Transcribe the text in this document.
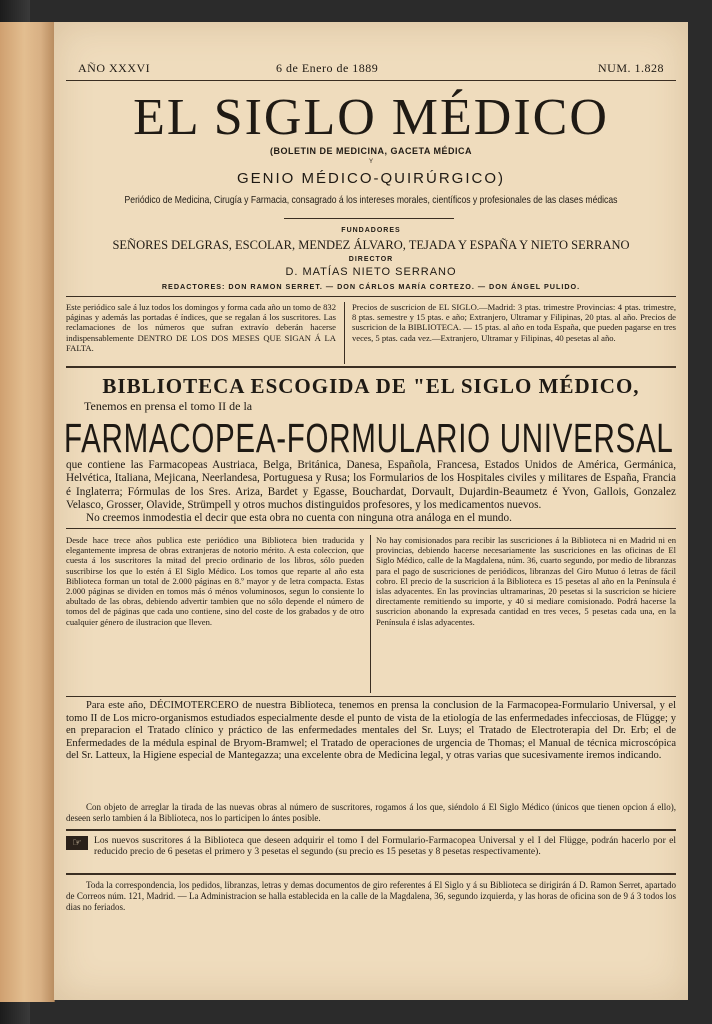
AÑO XXXVI	6 de Enero de 1889	NUM. 1.828
EL SIGLO MÉDICO
(BOLETIN DE MEDICINA, GACETA MÉDICA
Y
GENIO MÉDICO-QUIRÚRGICO)
Periódico de Medicina, Cirugía y Farmacia, consagrado á los intereses morales, científicos y profesionales de las clases médicas
FUNDADORES
SEÑORES DELGRAS, ESCOLAR, MENDEZ ÁLVARO, TEJADA Y ESPAÑA Y NIETO SERRANO
DIRECTOR
D. MATÍAS NIETO SERRANO
REDACTORES: DON RAMON SERRET. — DON CÁRLOS MARÍA CORTEZO. — DON ÁNGEL PULIDO.
Este periódico sale á luz todos los domingos y forma cada año un tomo de 832 páginas y además las portadas é índices, que se regalan á los suscritores. Las reclamaciones de los números que sufran extravío deberán hacerse indispensablemente DENTRO DE LOS DOS MESES QUE SIGAN Á LA FALTA.
Precios de suscricion de EL SIGLO.—Madrid: 3 ptas. trimestre Provincias: 4 ptas. trimestre, 8 ptas. semestre y 15 ptas. e año; Extranjero, Ultramar y Filipinas, 20 ptas. al año. Precios de suscricion de la BIBLIOTECA. — 15 ptas. al año en toda España, que pueden pagarse en tres veces, 5 ptas. cada vez.—Extranjero, Ultramar y Filipinas, 40 pesetas al año.
BIBLIOTECA ESCOGIDA DE "EL SIGLO MÉDICO,
Tenemos en prensa el tomo II de la
FARMACOPEA-FORMULARIO UNIVERSAL
que contiene las Farmacopeas Austriaca, Belga, Británica, Danesa, Española, Francesa, Estados Unidos de América, Germánica, Helvética, Italiana, Mejicana, Neerlandesa, Portuguesa y Rusa; los Formularios de los Hospitales civiles y militares de España, Francia é Inglaterra; Fórmulas de los Sres. Ariza, Bardet y Egasse, Bouchardat, Dorvault, Dujardin-Beaumetz é Yvon, Gallois, Gonzalez Velasco, Grosser, Olavide, Strümpell y otros muchos distinguidos profesores, y los medicamentos nuevos.
No creemos inmodestia el decir que esta obra no cuenta con ninguna otra análoga en el mundo.
Desde hace trece años publica este periódico una Biblioteca bien traducida y elegantemente impresa de obras extranjeras de notorio mérito. A esta coleccion, que cuesta á los suscritores la mitad del precio ordinario de los libros, sólo pueden suscribirse los que lo estén á El Siglo Médico. Los tomos que reparte al año esta Biblioteca forman un total de 2.000 páginas en 8.º mayor y de letra compacta. Estas 2.000 páginas se dividen en tomos más ó ménos voluminosos, segun lo consiente lo abultado de las obras, debiendo advertir tambien que no sólo depende el número de tomos del de páginas que cada uno contiene, sino del coste de los grabados y de otro cualquier género de ilustracion que lleven.
No hay comisionados para recibir las suscriciones á la Biblioteca ni en Madrid ni en provincias, debiendo hacerse necesariamente las suscriciones en las oficinas de El Siglo Médico, calle de la Magdalena, núm. 36, cuarto segundo, por medio de libranzas para el pago de suscriciones de periódicos, libranzas del Giro Mutuo ó letras de fácil cobro. El precio de la suscricion á la Biblioteca es 15 pesetas al año en la Península é islas adyacentes. En las provincias ultramarinas, 20 pesetas si la suscricion se hiciere directamente remitiendo su importe, y 40 si mediare comisionado. Podrá hacerse la suscricion abonando la expresada cantidad en tres veces, 5 pesetas cada una, en la Península é islas adyacentes.
Para este año, DÉCIMOTERCERO de nuestra Biblioteca, tenemos en prensa la conclusion de la Farmacopea-Formulario Universal, y el tomo II de Los micro-organismos estudiados especialmente desde el punto de vista de la etiología de las enfermedades infecciosas, de Flügge; y en preparacion el Tratado clínico y práctico de las enfermedades mentales del Sr. Luys; el Tratado de Electroterapia del Dr. Erb; el de Enfermedades de la médula espinal de Bryom-Bramwel; el Tratado de operaciones de urgencia de Thomas; el Manual de técnica microscópica del Sr. Latteux, la Higiene especial de Mantegazza; una excelente obra de Medicina legal, y otras varias que sucesivamente iremos indicando.
Con objeto de arreglar la tirada de las nuevas obras al número de suscritores, rogamos á los que, siéndolo á El Siglo Médico (únicos que tienen opcion á ello), deseen serlo tambien á la Biblioteca, nos lo participen lo ántes posible.
☞	Los nuevos suscritores á la Biblioteca que deseen adquirir el tomo I del Formulario-Farmacopea Universal y el I del Flügge, podrán hacerlo por el reducido precio de 6 pesetas el primero y 3 pesetas el segundo (su precio es 15 pesetas y 8 pesetas respectivamente).
Toda la correspondencia, los pedidos, libranzas, letras y demas documentos de giro referentes á El Siglo y á su Biblioteca se dirigirán á D. Ramon Serret, apartado de Correos núm. 121, Madrid. — La Administracion se halla establecida en la calle de la Magdalena, 36, segundo izquierda, y las horas de oficina son de 9 á 3 todos los dias no feriados.
